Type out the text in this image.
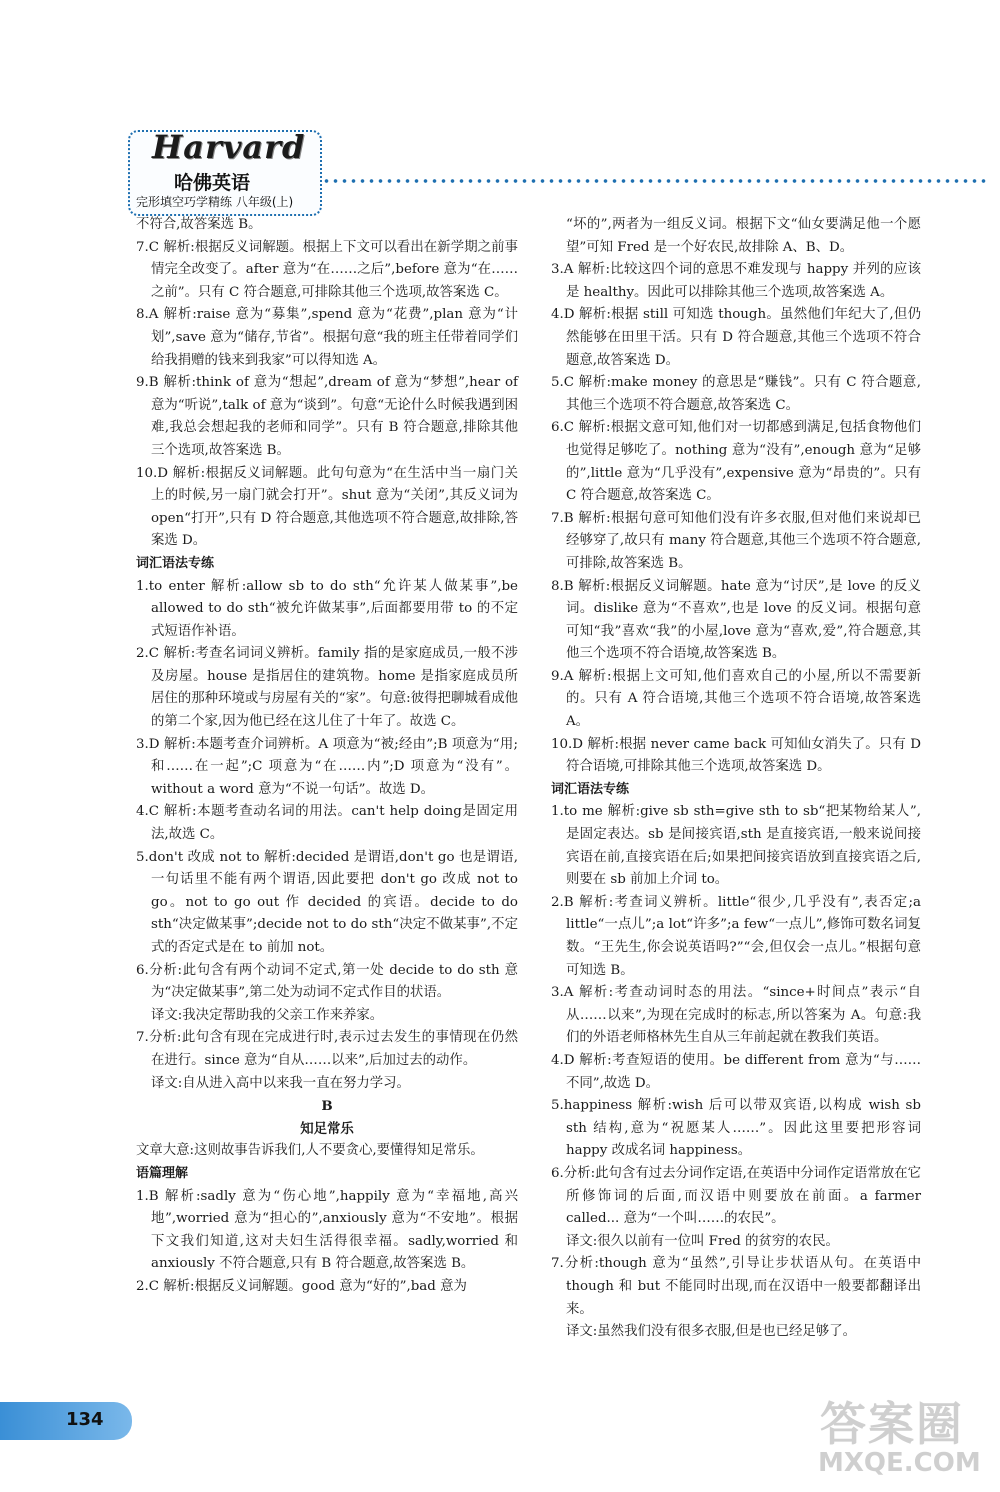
Harvard
哈佛英语
完形填空巧学精练 八年级(上)

不符合,故答案选 B。

7.C 解析:根据反义词解题。根据上下文可以看出在新学期之前事情完全改变了。after 意为“在……之后”,before 意为“在……之前”。只有 C 符合题意,可排除其他三个选项,故答案选 C。

8.A 解析:raise 意为“募集”,spend 意为“花费”,plan 意为“计划”,save 意为“储存,节省”。根据句意“我的班主任带着同学们给我捐赠的钱来到我家”可以得知选 A。

9.B 解析:think of 意为“想起”,dream of 意为“梦想”,hear of 意为“听说”,talk of 意为“谈到”。句意“无论什么时候我遇到困难,我总会想起我的老师和同学”。只有 B 符合题意,排除其他三个选项,故答案选 B。

10.D 解析:根据反义词解题。此句句意为“在生活中当一扇门关上的时候,另一扇门就会打开”。shut 意为“关闭”,其反义词为 open“打开”,只有 D 符合题意,其他选项不符合题意,故排除,答案选 D。

词汇语法专练

1.to enter 解析:allow sb to do sth“允许某人做某事”,be allowed to do sth“被允许做某事”,后面都要用带 to 的不定式短语作补语。

2.C 解析:考查名词词义辨析。family 指的是家庭成员,一般不涉及房屋。house 是指居住的建筑物。home 是指家庭成员所居住的那种环境或与房屋有关的“家”。句意:彼得把聊城看成他的第二个家,因为他已经在这儿住了十年了。故选 C。

3.D 解析:本题考查介词辨析。A 项意为“被;经由”;B 项意为“用;和……在一起”;C 项意为“在……内”;D 项意为“没有”。without a word 意为“不说一句话”。故选 D。

4.C 解析:本题考查动名词的用法。can't help doing是固定用法,故选 C。

5.don't 改成 not to 解析:decided 是谓语,don't go 也是谓语,一句话里不能有两个谓语,因此要把 don't go 改成 not to go。not to go out 作 decided 的宾语。decide to do sth“决定做某事”;decide not to do sth“决定不做某事”,不定式的否定式是在 to 前加 not。

6.分析:此句含有两个动词不定式,第一处 decide to do sth 意为“决定做某事”,第二处为动词不定式作目的状语。

译文:我决定帮助我的父亲工作来养家。

7.分析:此句含有现在完成进行时,表示过去发生的事情现在仍然在进行。since 意为“自从……以来”,后加过去的动作。

译文:自从进入高中以来我一直在努力学习。

B

知足常乐

文章大意:这则故事告诉我们,人不要贪心,要懂得知足常乐。

语篇理解

1.B 解析:sadly 意为“伤心地”,happily 意为“幸福地,高兴地”,worried 意为“担心的”,anxiously 意为“不安地”。根据下文我们知道,这对夫妇生活得很幸福。sadly,worried 和 anxiously 不符合题意,只有 B 符合题意,故答案选 B。

2.C 解析:根据反义词解题。good 意为“好的”,bad 意为

“坏的”,两者为一组反义词。根据下文“仙女要满足他一个愿望”可知 Fred 是一个好农民,故排除 A、B、D。

3.A 解析:比较这四个词的意思不难发现与 happy 并列的应该是 healthy。因此可以排除其他三个选项,故答案选 A。

4.D 解析:根据 still 可知选 though。虽然他们年纪大了,但仍然能够在田里干活。只有 D 符合题意,其他三个选项不符合题意,故答案选 D。

5.C 解析:make money 的意思是“赚钱”。只有 C 符合题意,其他三个选项不符合题意,故答案选 C。

6.C 解析:根据文意可知,他们对一切都感到满足,包括食物他们也觉得足够吃了。nothing 意为“没有”,enough 意为“足够的”,little 意为“几乎没有”,expensive 意为“昂贵的”。只有 C 符合题意,故答案选 C。

7.B 解析:根据句意可知他们没有许多衣服,但对他们来说却已经够穿了,故只有 many 符合题意,其他三个选项不符合题意,可排除,故答案选 B。

8.B 解析:根据反义词解题。hate 意为“讨厌”,是 love 的反义词。dislike 意为“不喜欢”,也是 love 的反义词。根据句意可知“我”喜欢“我”的小屋,love 意为“喜欢,爱”,符合题意,其他三个选项不符合语境,故答案选 B。

9.A 解析:根据上文可知,他们喜欢自己的小屋,所以不需要新的。只有 A 符合语境,其他三个选项不符合语境,故答案选 A。

10.D 解析:根据 never came back 可知仙女消失了。只有 D 符合语境,可排除其他三个选项,故答案选 D。

词汇语法专练

1.to me 解析:give sb sth=give sth to sb“把某物给某人”,是固定表达。sb 是间接宾语,sth 是直接宾语,一般来说间接宾语在前,直接宾语在后;如果把间接宾语放到直接宾语之后,则要在 sb 前加上介词 to。

2.B 解析:考查词义辨析。little“很少,几乎没有”,表否定;a little“一点儿”;a lot“许多”;a few“一点儿”,修饰可数名词复数。“王先生,你会说英语吗?”“会,但仅会一点儿。”根据句意可知选 B。

3.A 解析:考查动词时态的用法。“since+时间点”表示“自从……以来”,为现在完成时的标志,所以答案为 A。句意:我们的外语老师格林先生自从三年前起就在教我们英语。

4.D 解析:考查短语的使用。be different from 意为“与……不同”,故选 D。

5.happiness 解析:wish 后可以带双宾语,以构成 wish sb sth 结构,意为“祝愿某人……”。因此这里要把形容词 happy 改成名词 happiness。

6.分析:此句含有过去分词作定语,在英语中分词作定语常放在它所修饰词的后面,而汉语中则要放在前面。a farmer called... 意为“一个叫……的农民”。

译文:很久以前有一位叫 Fred 的贫穷的农民。

7.分析:though 意为“虽然”,引导让步状语从句。在英语中 though 和 but 不能同时出现,而在汉语中一般要都翻译出来。

译文:虽然我们没有很多衣服,但是也已经足够了。

134	答案圈
MXQE.COM
